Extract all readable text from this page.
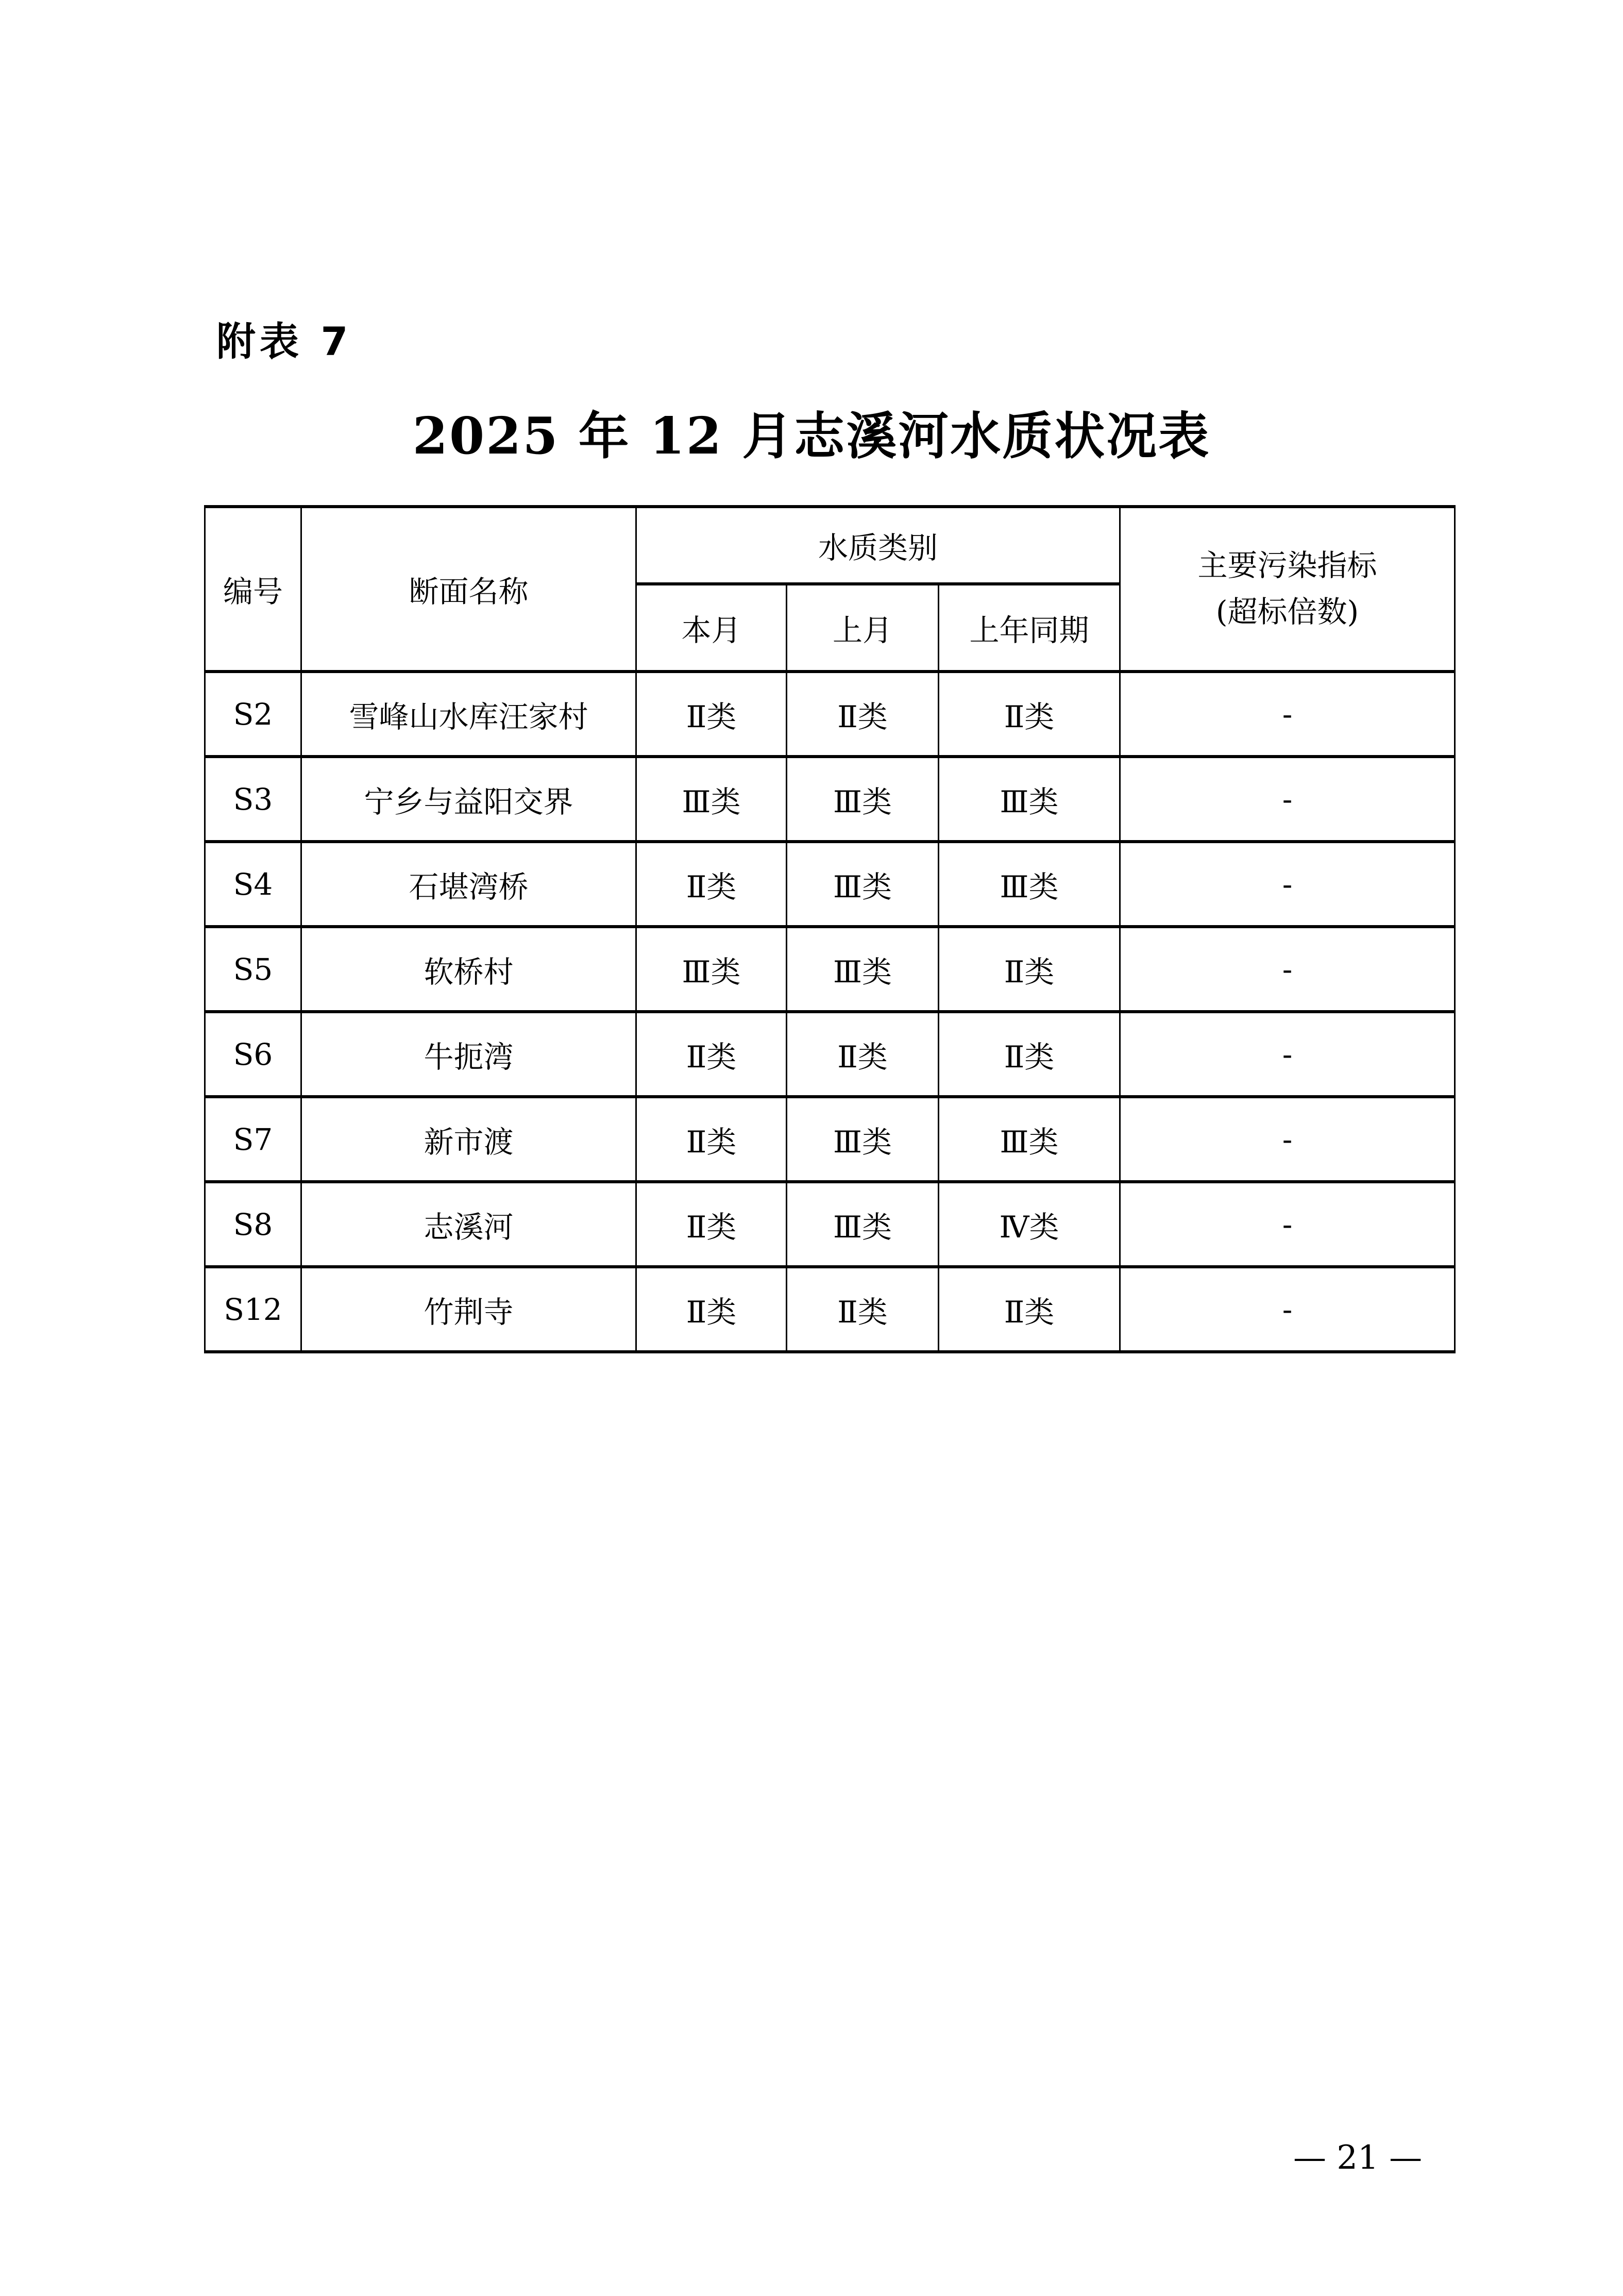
附表 7
2025 年 12 月志溪河水质状况表
编号	断面名称	水质类别			主要污染指标
(超标倍数)

		本月	上月	上年同期	
S2	雪峰山水库汪家村	Ⅱ类	Ⅱ类	Ⅱ类	-
S3	宁乡与益阳交界	Ⅲ类	Ⅲ类	Ⅲ类	-
S4	石堪湾桥	Ⅱ类	Ⅲ类	Ⅲ类	-
S5	软桥村	Ⅲ类	Ⅲ类	Ⅱ类	-
S6	牛扼湾	Ⅱ类	Ⅱ类	Ⅱ类	-
S7	新市渡	Ⅱ类	Ⅲ类	Ⅲ类	-
S8	志溪河	Ⅱ类	Ⅲ类	Ⅳ类	-
S12	竹荆寺	Ⅱ类	Ⅱ类	Ⅱ类	-
— 21 —
